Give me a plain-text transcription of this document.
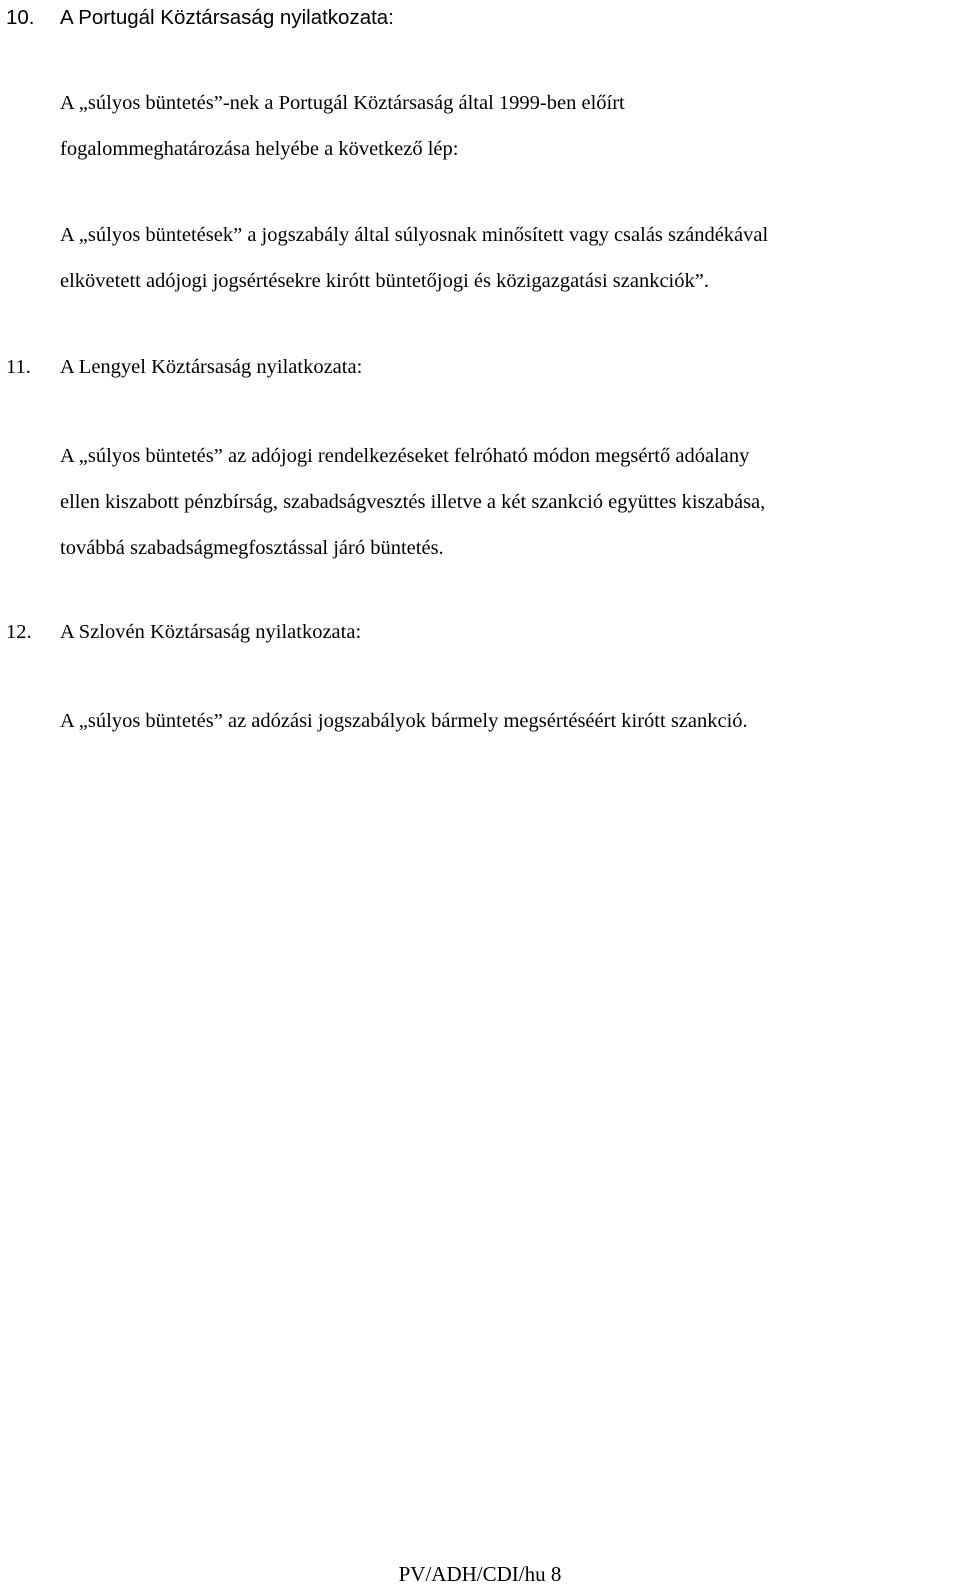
10. A Portugál Köztársaság nyilatkozata:
A „súlyos büntetés”-nek a Portugál Köztársaság által 1999-ben előírt
fogalommeghatározása helyébe a következő lép:
A „súlyos büntetések” a jogszabály által súlyosnak minősített vagy csalás szándékával
elkövetett adójogi jogsértésekre kirótt büntetőjogi és közigazgatási szankciók”.
11. A Lengyel Köztársaság nyilatkozata:
A „súlyos büntetés” az adójogi rendelkezéseket felróható módon megsértő adóalany
ellen kiszabott pénzbírság, szabadságvesztés illetve a két szankció együttes kiszabása,
továbbá szabadságmegfosztással járó büntetés.
12. A Szlovén Köztársaság nyilatkozata:
A „súlyos büntetés” az adózási jogszabályok bármely megsértéséért kirótt szankció.
PV/ADH/CDI/hu 8
